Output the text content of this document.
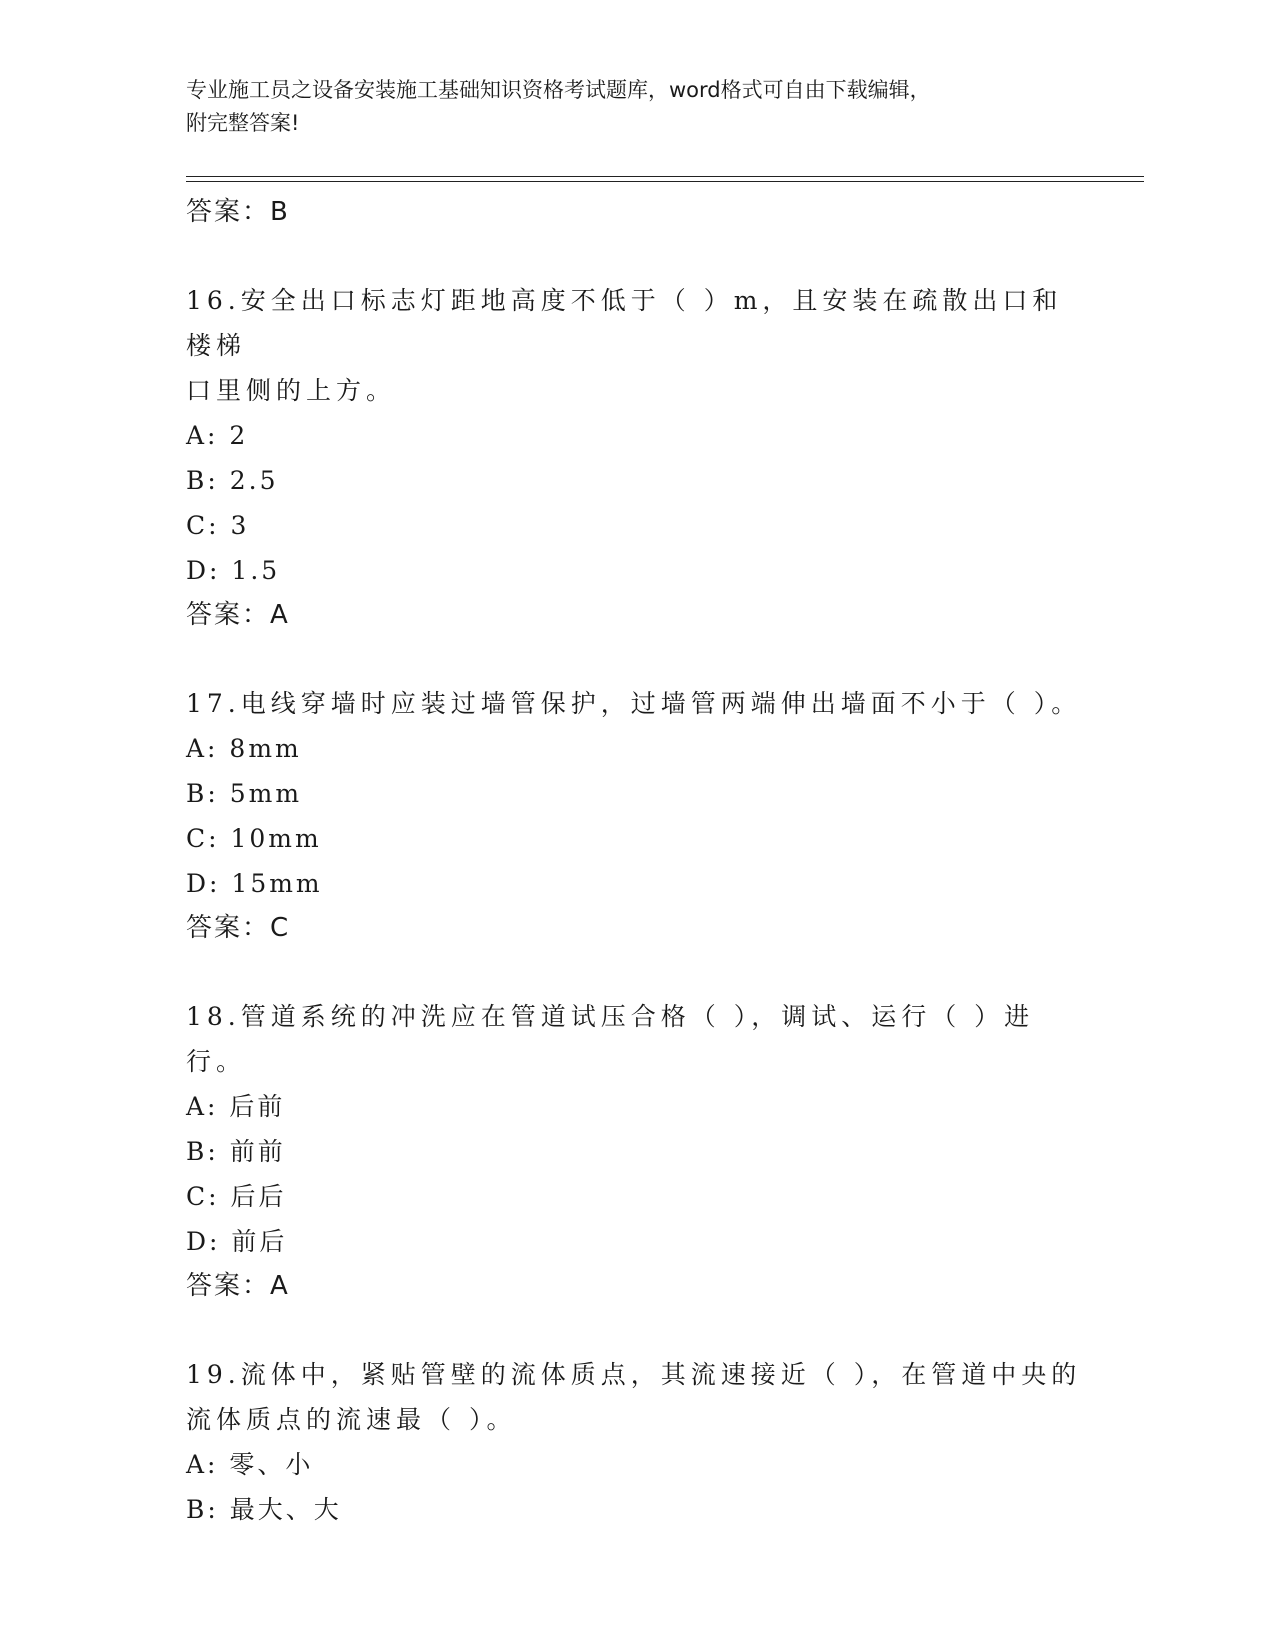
专业施工员之设备安装施工基础知识资格考试题库，word格式可自由下载编辑，
附完整答案!
答案：B
16.安全出口标志灯距地高度不低于（ ）m，且安装在疏散出口和楼梯
口里侧的上方。
A: 2
B: 2.5
C: 3
D: 1.5
答案：A
17.电线穿墙时应装过墙管保护，过墙管两端伸出墙面不小于（ ）。
A: 8mm
B: 5mm
C: 10mm
D: 15mm
答案：C
18.管道系统的冲洗应在管道试压合格（ ），调试、运行（ ）进行。
A: 后前
B: 前前
C: 后后
D: 前后
答案：A
19.流体中，紧贴管壁的流体质点，其流速接近（ ），在管道中央的
流体质点的流速最（ ）。
A: 零、小
B: 最大、大
